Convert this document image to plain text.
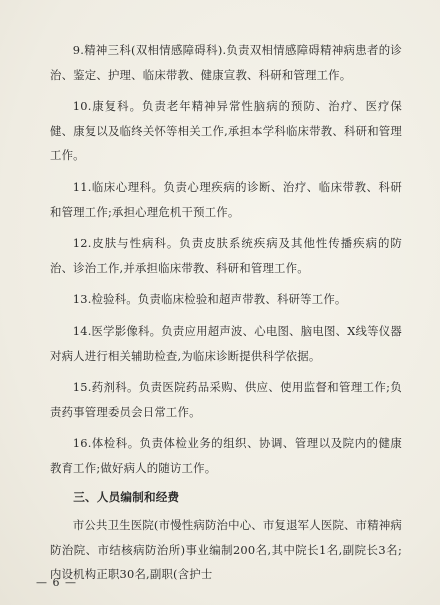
9.精神三科(双相情感障碍科).负责双相情感障碍精神病患者的诊治、鉴定、护理、临床带教、健康宣教、科研和管理工作。

10.康复科。负责老年精神异常性脑病的预防、治疗、医疗保健、康复以及临终关怀等相关工作,承担本学科临床带教、科研和管理工作。

11.临床心理科。负责心理疾病的诊断、治疗、临床带教、科研和管理工作;承担心理危机干预工作。

12.皮肤与性病科。负责皮肤系统疾病及其他性传播疾病的防治、诊治工作,并承担临床带教、科研和管理工作。

13.检验科。负责临床检验和超声带教、科研等工作。

14.医学影像科。负责应用超声波、心电图、脑电图、X线等仪器对病人进行相关辅助检查,为临床诊断提供科学依据。

15.药剂科。负责医院药品采购、供应、使用监督和管理工作;负责药事管理委员会日常工作。

16.体检科。负责体检业务的组织、协调、管理以及院内的健康教育工作;做好病人的随访工作。

三、人员编制和经费

市公共卫生医院(市慢性病防治中心、市复退军人医院、市精神病防治院、市结核病防治所)事业编制200名,其中院长1名,副院长3名;内设机构正职30名,副职(含护士

— 6 —
